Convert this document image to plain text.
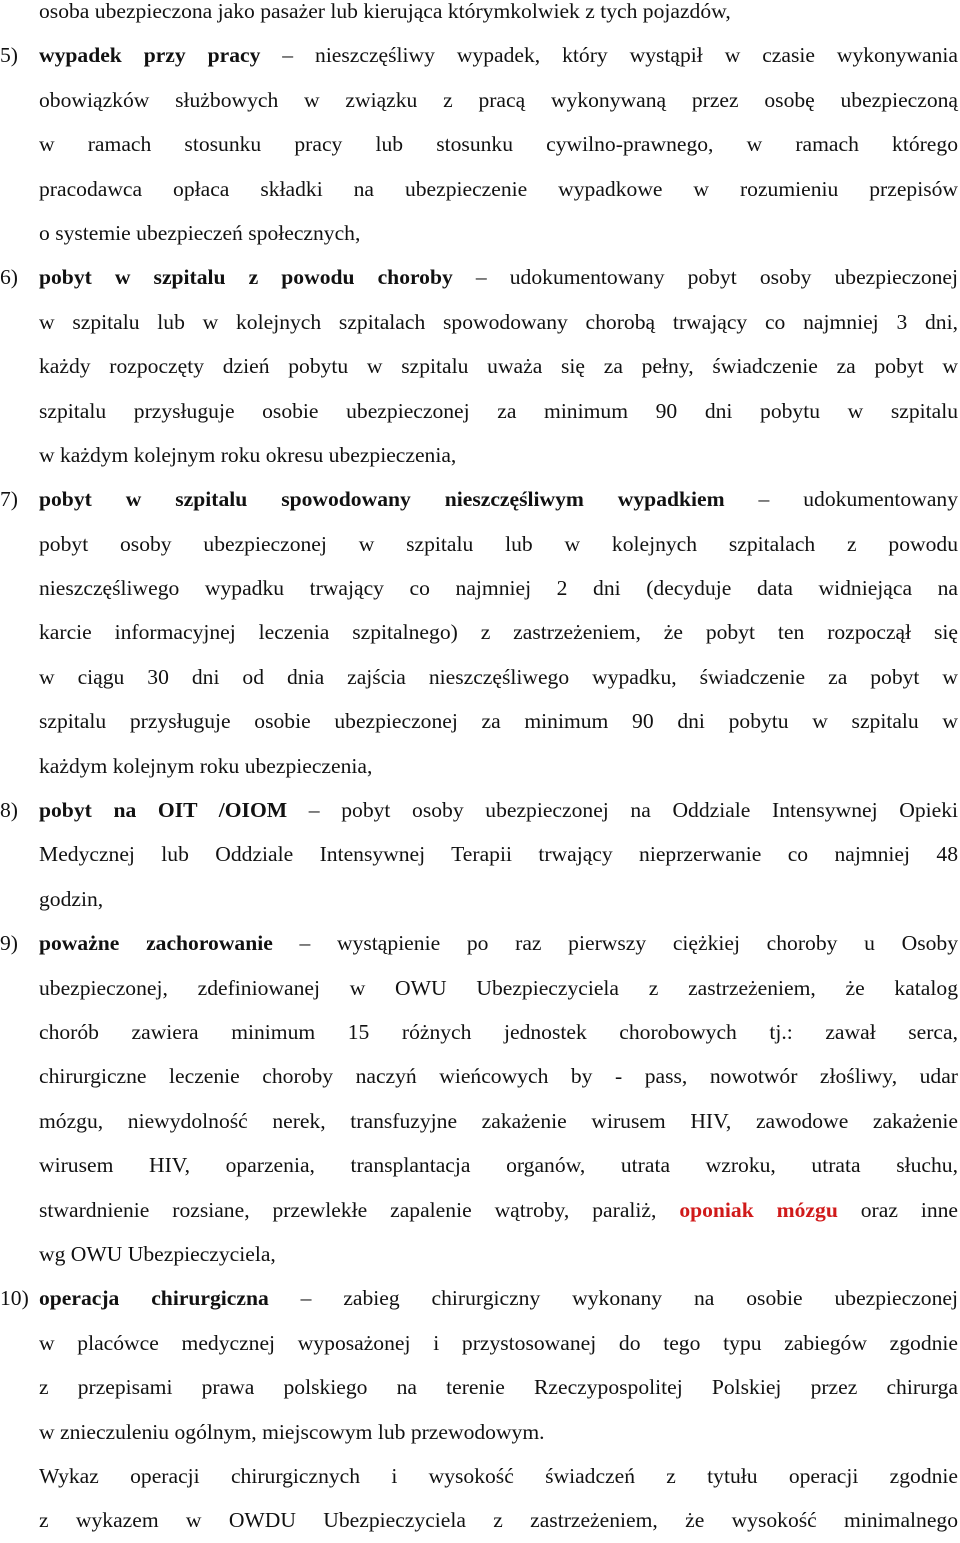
osoba ubezpieczona jako pasażer lub kierująca którymkolwiek z tych pojazdów,
5) wypadek przy pracy – nieszczęśliwy wypadek, który wystąpił w czasie wykonywania
obowiązków służbowych w związku z pracą wykonywaną przez osobę ubezpieczoną
w ramach stosunku pracy lub stosunku cywilno-prawnego, w ramach którego
pracodawca opłaca składki na ubezpieczenie wypadkowe w rozumieniu przepisów
o systemie ubezpieczeń społecznych,
6) pobyt w szpitalu z powodu choroby – udokumentowany pobyt osoby ubezpieczonej
w szpitalu lub w kolejnych szpitalach spowodowany chorobą trwający co najmniej 3 dni,
każdy rozpoczęty dzień pobytu w szpitalu uważa się za pełny, świadczenie za pobyt w
szpitalu przysługuje osobie ubezpieczonej za minimum 90 dni pobytu w szpitalu
w każdym kolejnym roku okresu ubezpieczenia,
7) pobyt w szpitalu spowodowany nieszczęśliwym wypadkiem – udokumentowany
pobyt osoby ubezpieczonej w szpitalu lub w kolejnych szpitalach z powodu
nieszczęśliwego wypadku trwający co najmniej 2 dni (decyduje data widniejąca na
karcie informacyjnej leczenia szpitalnego) z zastrzeżeniem, że pobyt ten rozpoczął się
w ciągu 30 dni od dnia zajścia nieszczęśliwego wypadku, świadczenie za pobyt w
szpitalu przysługuje osobie ubezpieczonej za minimum 90 dni pobytu w szpitalu w
każdym kolejnym roku ubezpieczenia,
8) pobyt na OIT /OIOM – pobyt osoby ubezpieczonej na Oddziale Intensywnej Opieki
Medycznej lub Oddziale Intensywnej Terapii trwający nieprzerwanie co najmniej 48
godzin,
9) poważne zachorowanie – wystąpienie po raz pierwszy ciężkiej choroby u Osoby
ubezpieczonej, zdefiniowanej w OWU Ubezpieczyciela z zastrzeżeniem, że katalog
chorób zawiera minimum 15 różnych jednostek chorobowych tj.: zawał serca,
chirurgiczne leczenie choroby naczyń wieńcowych by - pass, nowotwór złośliwy, udar
mózgu, niewydolność nerek, transfuzyjne zakażenie wirusem HIV, zawodowe zakażenie
wirusem HIV, oparzenia, transplantacja organów, utrata wzroku, utrata słuchu,
stwardnienie rozsiane, przewlekłe zapalenie wątroby, paraliż, oponiak mózgu oraz inne
wg OWU Ubezpieczyciela,
10) operacja chirurgiczna – zabieg chirurgiczny wykonany na osobie ubezpieczonej
w placówce medycznej wyposażonej i przystosowanej do tego typu zabiegów zgodnie
z przepisami prawa polskiego na terenie Rzeczypospolitej Polskiej przez chirurga
w znieczuleniu ogólnym, miejscowym lub przewodowym.
Wykaz operacji chirurgicznych i wysokość świadczeń z tytułu operacji zgodnie
z wykazem w OWDU Ubezpieczyciela z zastrzeżeniem, że wysokość minimalnego
